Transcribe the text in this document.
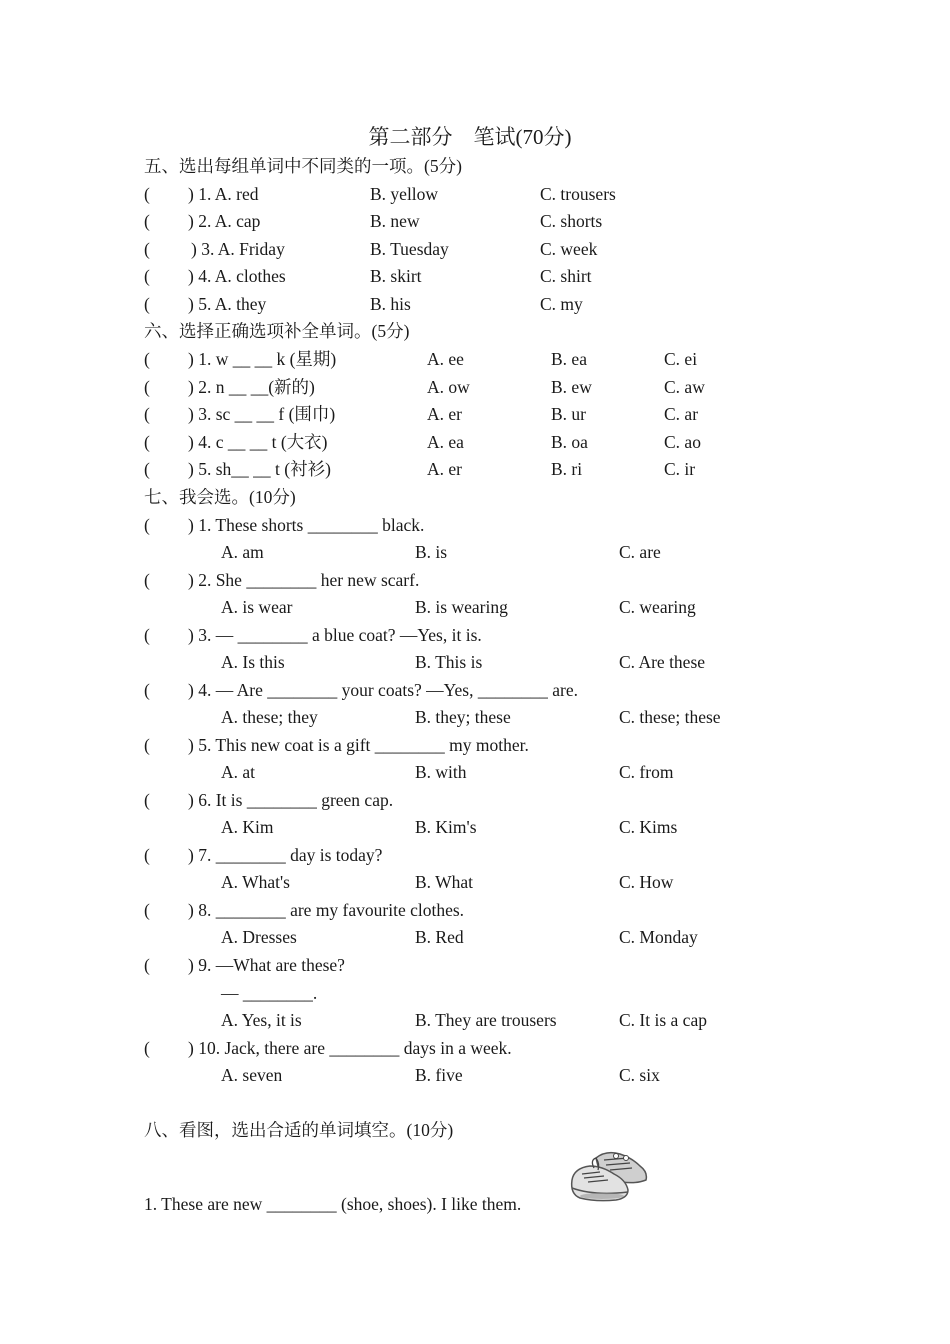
第二部分　笔试(70分)
五、选出每组单词中不同类的一项。(5分)
( ) 1. A. red	B. yellow	C. trousers
( ) 2. A. cap	B. new	C. shorts
( ) 3. A. Friday	B. Tuesday	C. week
( ) 4. A. clothes	B. skirt	C. shirt
( ) 5. A. they	B. his	C. my
六、选择正确选项补全单词。(5分)
( ) 1. w __ __ k (星期)	A. ee	B. ea	C. ei
( ) 2. n __ __(新的)	A. ow	B. ew	C. aw
( ) 3. sc __ __ f (围巾)	A. er	B. ur	C. ar
( ) 4. c __ __ t (大衣)	A. ea	B. oa	C. ao
( ) 5. sh__ __ t (衬衫)	A. er	B. ri	C. ir
七、我会选。(10分)
( ) 1. These shorts ________ black.
A. am	B. is	C. are
( ) 2. She ________ her new scarf.
A. is wear	B. is wearing	C. wearing
( ) 3. — ________ a blue coat? —Yes, it is.
A. Is this	B. This is	C. Are these
( ) 4. — Are ________ your coats? —Yes, ________ are.
A. these; they	B. they; these	C. these; these
( ) 5. This new coat is a gift ________ my mother.
A. at	B. with	C. from
( ) 6. It is ________ green cap.
A. Kim	B. Kim's	C. Kims
( ) 7. ________ day is today?
A. What's	B. What	C. How
( ) 8. ________ are my favourite clothes.
A. Dresses	B. Red	C. Monday
( ) 9. —What are these?
— ________.
A. Yes, it is	B. They are trousers	C. It is a cap
( ) 10. Jack, there are ________ days in a week.
A. seven	B. five	C. six
八、看图，选出合适的单词填空。(10分)
1. These are new ________ (shoe, shoes). I like them.
